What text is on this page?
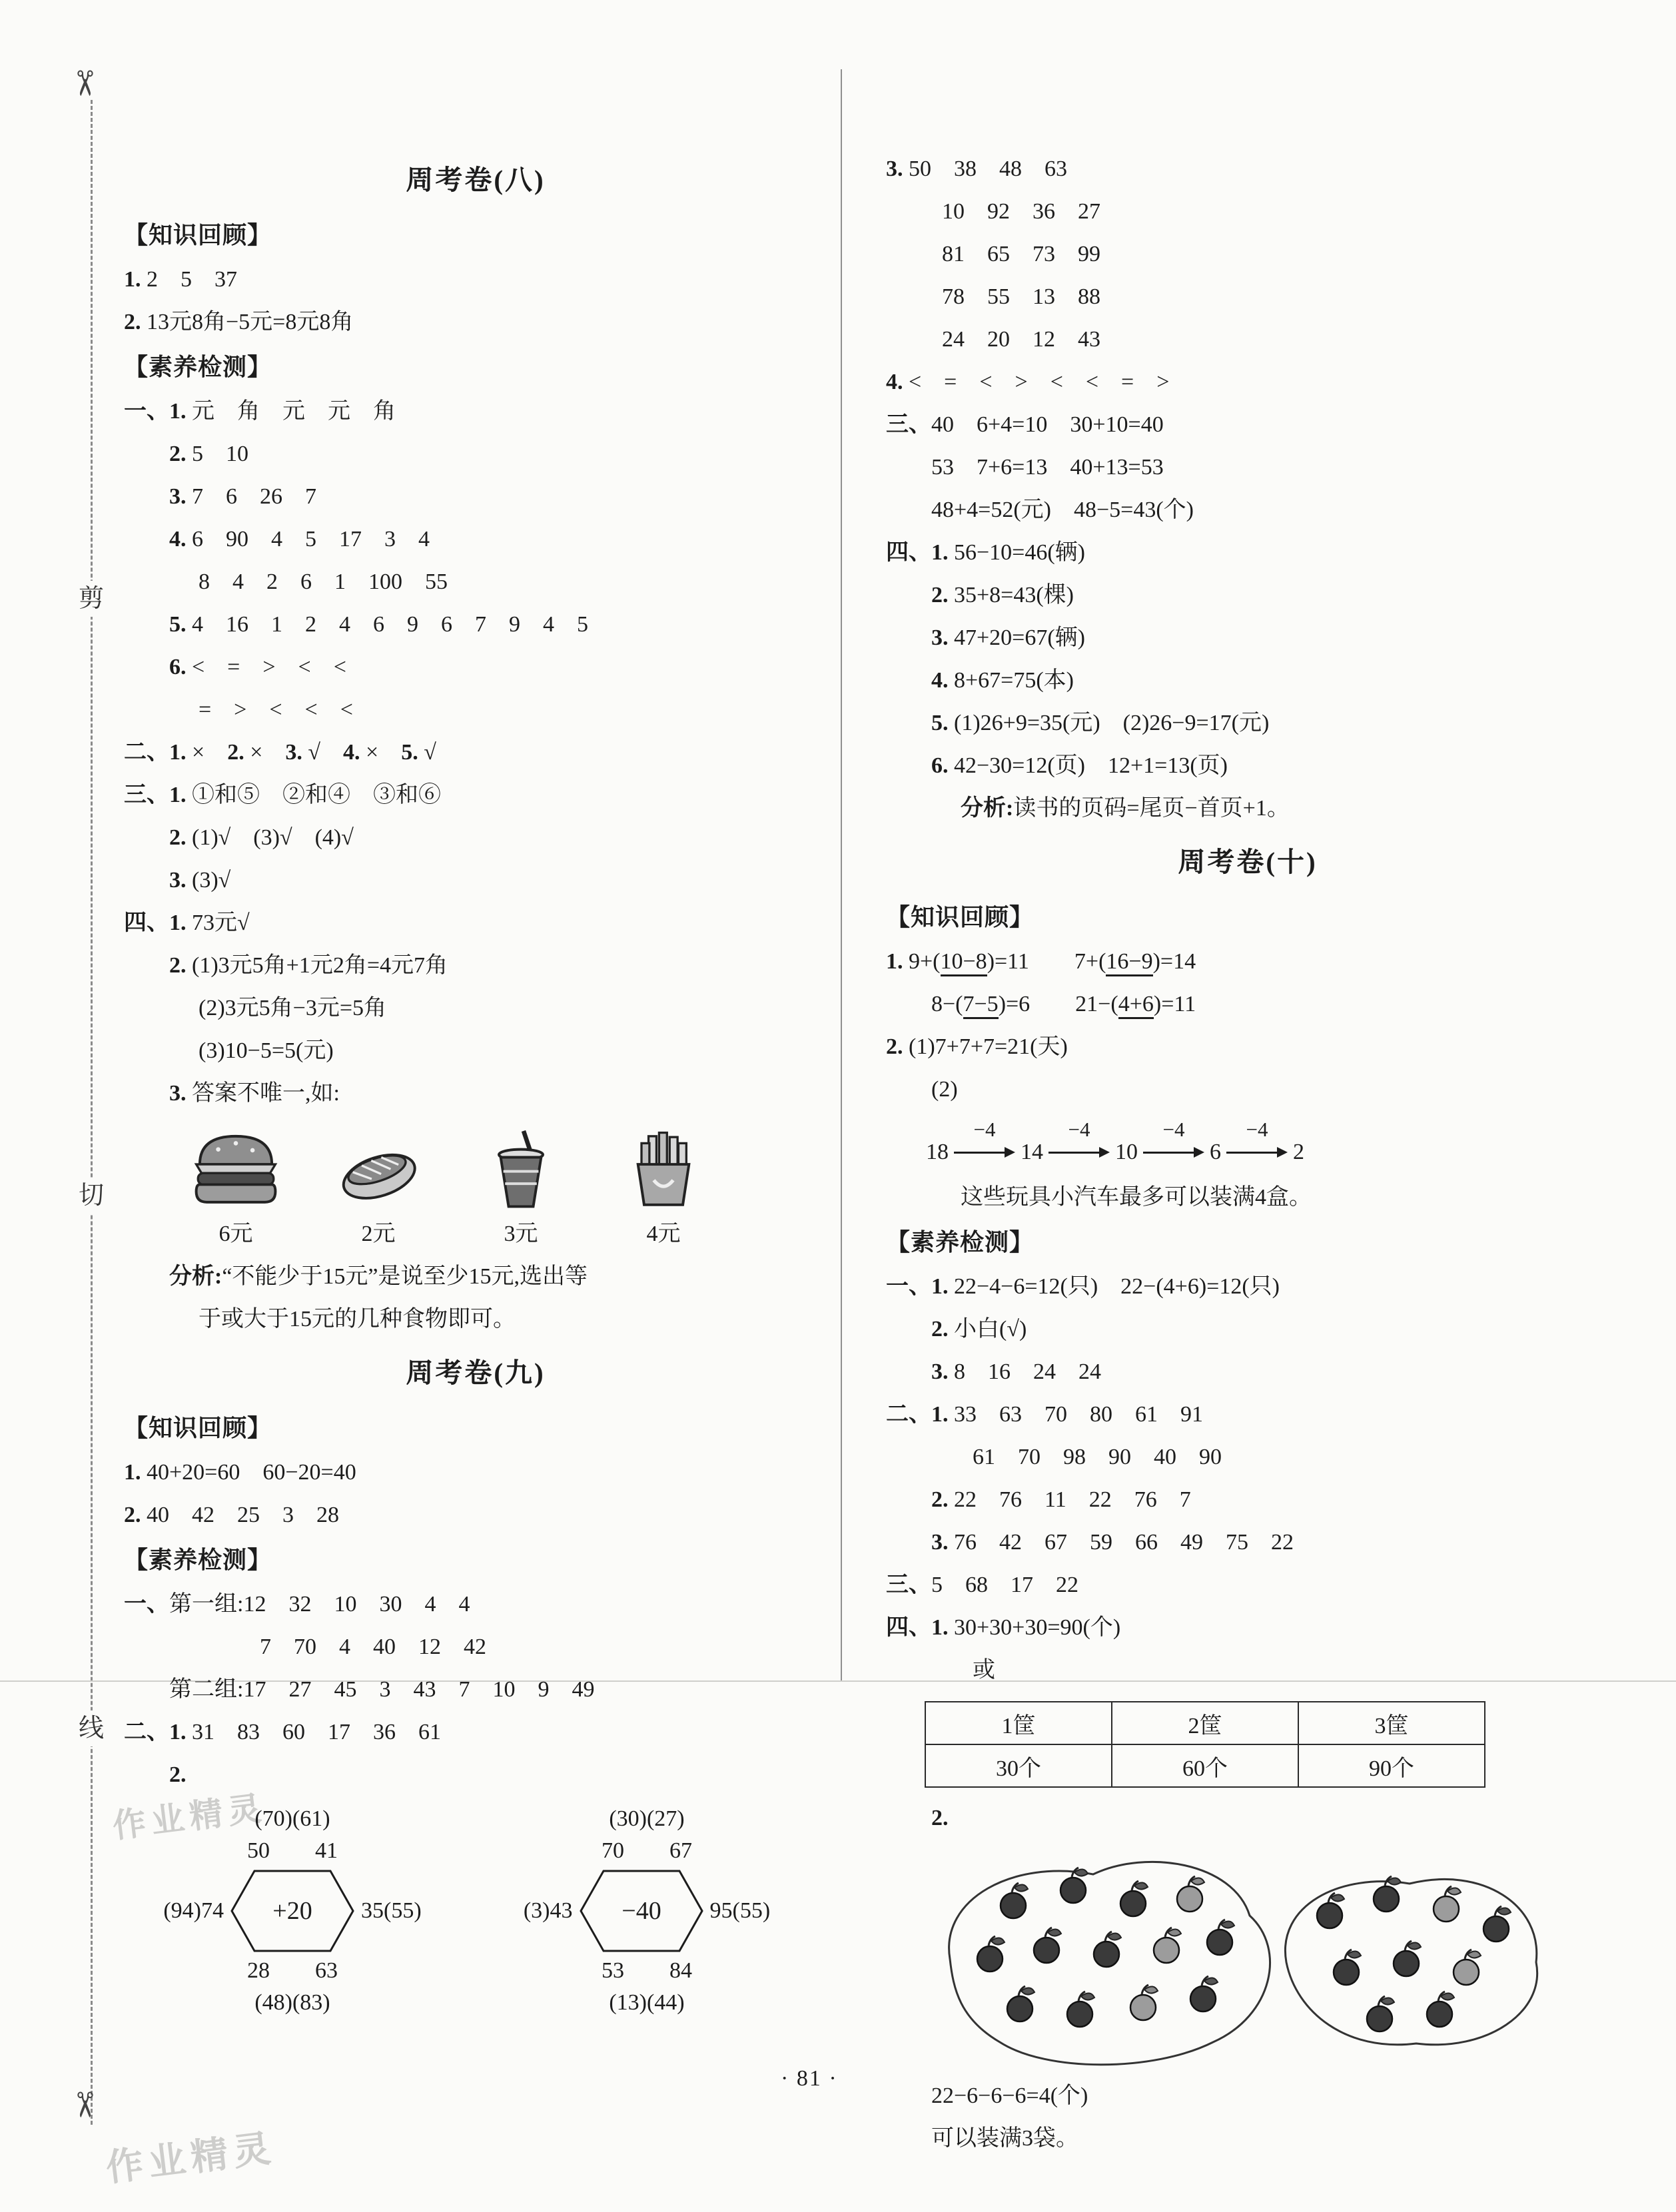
✂
✂
剪
切
线
作业精灵
作业精灵
周考卷(八)
【知识回顾】
1. 2　5　37
2. 13元8角−5元=8元8角
【素养检测】
一、1. 元　角　元　元　角
2. 5　10
3. 7　6　26　7
4. 6　90　4　5　17　3　4
8　4　2　6　1　100　55
5. 4　16　1　2　4　6　9　6　7　9　4　5
6. <　=　>　<　<
=　>　<　<　<
二、1. ×　2. ×　3. √　4. ×　5. √
三、1. ①和⑤　②和④　③和⑥
2. (1)√　(3)√　(4)√
3. (3)√
四、1. 73元√
2. (1)3元5角+1元2角=4元7角
(2)3元5角−3元=5角
(3)10−5=5(元)
3. 答案不唯一,如:
6元	2元	3元	4元
分析:“不能少于15元”是说至少15元,选出等
于或大于15元的几种食物即可。
周考卷(九)
【知识回顾】
1. 40+20=60　60−20=40
2. 40　42　25　3　28
【素养检测】
一、第一组:12　32　10　30　4　4
7　70　4　40　12　42
第二组:17　27　45　3　43　7　10　9　49
二、1. 31　83　60　17　36　61
2.
(70)(61)
50　　41
(94)74 +20 35(55)
28　　63
(48)(83)
(30)(27)
70　　67
(3)43 −40 95(55)
53　　84
(13)(44)
3. 50　38　48　63
10　92　36　27
81　65　73　99
78　55　13　88
24　20　12　43
4. <　=　<　>　<　<　=　>
三、40　6+4=10　30+10=40
53　7+6=13　40+13=53
48+4=52(元)　48−5=43(个)
四、1. 56−10=46(辆)
2. 35+8=43(棵)
3. 47+20=67(辆)
4. 8+67=75(本)
5. (1)26+9=35(元)　(2)26−9=17(元)
6. 42−30=12(页)　12+1=13(页)
分析:读书的页码=尾页−首页+1。
周考卷(十)
【知识回顾】
1. 9+(10−8)=11　　7+(16−9)=14
8−(7−5)=6　　21−(4+6)=11
2. (1)7+7+7=21(天)
(2)
18
−4
14
−4
10
−4
6
−4
2
这些玩具小汽车最多可以装满4盒。
【素养检测】
一、1. 22−4−6=12(只)　22−(4+6)=12(只)
2. 小白(√)
3. 8　16　24　24
二、1. 33　63　70　80　61　91
61　70　98　90　40　90
2. 22　76　11　22　76　7
3. 76　42　67　59　66　49　75　22
三、5　68　17　22
四、1. 30+30+30=90(个)
或
1筐	2筐	3筐
30个	60个	90个
2.
22−6−6−6=4(个)
可以装满3袋。
· 81 ·
